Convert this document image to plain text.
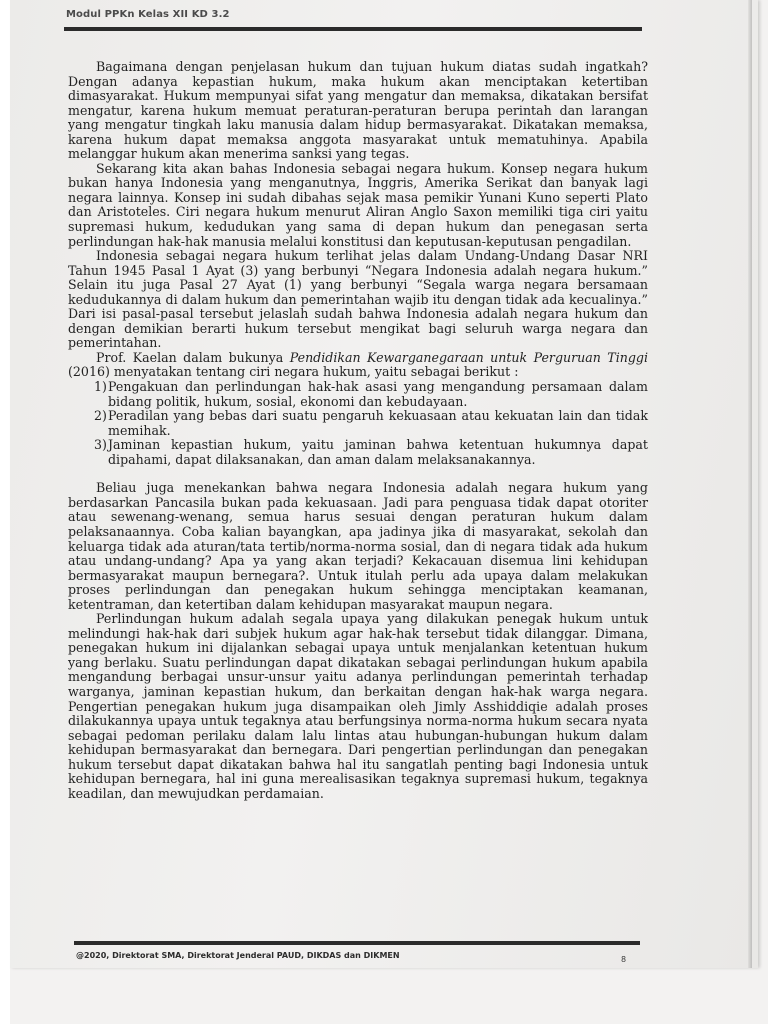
Modul PPKn Kelas XII KD 3.2

Bagaimana dengan penjelasan hukum dan tujuan hukum diatas sudah ingatkah? Dengan adanya kepastian hukum, maka hukum akan menciptakan ketertiban dimasyarakat. Hukum mempunyai sifat yang mengatur dan memaksa, dikatakan bersifat mengatur, karena hukum memuat peraturan-peraturan berupa perintah dan larangan yang mengatur tingkah laku manusia dalam hidup bermasyarakat. Dikatakan memaksa, karena hukum dapat memaksa anggota masyarakat untuk mematuhinya. Apabila melanggar hukum akan menerima sanksi yang tegas.

Sekarang kita akan bahas Indonesia sebagai negara hukum. Konsep negara hukum bukan hanya Indonesia yang menganutnya, Inggris, Amerika Serikat dan banyak lagi negara lainnya. Konsep ini sudah dibahas sejak masa pemikir Yunani Kuno seperti Plato dan Aristoteles. Ciri negara hukum menurut Aliran Anglo Saxon memiliki tiga ciri yaitu supremasi hukum, kedudukan yang sama di depan hukum dan penegasan serta perlindungan hak-hak manusia melalui konstitusi dan keputusan-keputusan pengadilan.

Indonesia sebagai negara hukum terlihat jelas dalam Undang-Undang Dasar NRI Tahun 1945 Pasal 1 Ayat (3) yang berbunyi “Negara Indonesia adalah negara hukum.” Selain itu juga Pasal 27 Ayat (1) yang berbunyi “Segala warga negara bersamaan kedudukannya di dalam hukum dan pemerintahan wajib itu dengan tidak ada kecualinya.” Dari isi pasal-pasal tersebut jelaslah sudah bahwa Indonesia adalah negara hukum dan dengan demikian berarti hukum tersebut mengikat bagi seluruh warga negara dan pemerintahan.

Prof. Kaelan dalam bukunya Pendidikan Kewarganegaraan untuk Perguruan Tinggi (2016) menyatakan tentang ciri negara hukum, yaitu sebagai berikut :

1) Pengakuan dan perlindungan hak-hak asasi yang mengandung persamaan dalam bidang politik, hukum, sosial, ekonomi dan kebudayaan.
2) Peradilan yang bebas dari suatu pengaruh kekuasaan atau kekuatan lain dan tidak memihak.
3) Jaminan kepastian hukum, yaitu jaminan bahwa ketentuan hukumnya dapat dipahami, dapat dilaksanakan, dan aman dalam melaksanakannya.

Beliau juga menekankan bahwa negara Indonesia adalah negara hukum yang berdasarkan Pancasila bukan pada kekuasaan. Jadi para penguasa tidak dapat otoriter atau sewenang-wenang, semua harus sesuai dengan peraturan hukum dalam pelaksanaannya. Coba kalian bayangkan, apa jadinya jika di masyarakat, sekolah dan keluarga tidak ada aturan/tata tertib/norma-norma sosial, dan di negara tidak ada hukum atau undang-undang? Apa ya yang akan terjadi? Kekacauan disemua lini kehidupan bermasyarakat maupun bernegara?. Untuk itulah perlu ada upaya dalam melakukan proses perlindungan dan penegakan hukum sehingga menciptakan keamanan, ketentraman, dan ketertiban dalam kehidupan masyarakat maupun negara.

Perlindungan hukum adalah segala upaya yang dilakukan penegak hukum untuk melindungi hak-hak dari subjek hukum agar hak-hak tersebut tidak dilanggar. Dimana, penegakan hukum ini dijalankan sebagai upaya untuk menjalankan ketentuan hukum yang berlaku. Suatu perlindungan dapat dikatakan sebagai perlindungan hukum apabila mengandung berbagai unsur-unsur yaitu adanya perlindungan pemerintah terhadap warganya, jaminan kepastian hukum, dan berkaitan dengan hak-hak warga negara. Pengertian penegakan hukum juga disampaikan oleh Jimly Asshiddiqie adalah proses dilakukannya upaya untuk tegaknya atau berfungsinya norma-norma hukum secara nyata sebagai pedoman perilaku dalam lalu lintas atau hubungan-hubungan hukum dalam kehidupan bermasyarakat dan bernegara. Dari pengertian perlindungan dan penegakan hukum tersebut dapat dikatakan bahwa hal itu sangatlah penting bagi Indonesia untuk kehidupan bernegara, hal ini guna merealisasikan tegaknya supremasi hukum, tegaknya keadilan, dan mewujudkan perdamaian.

@2020, Direktorat SMA, Direktorat Jenderal PAUD, DIKDAS dan DIKMEN	8
